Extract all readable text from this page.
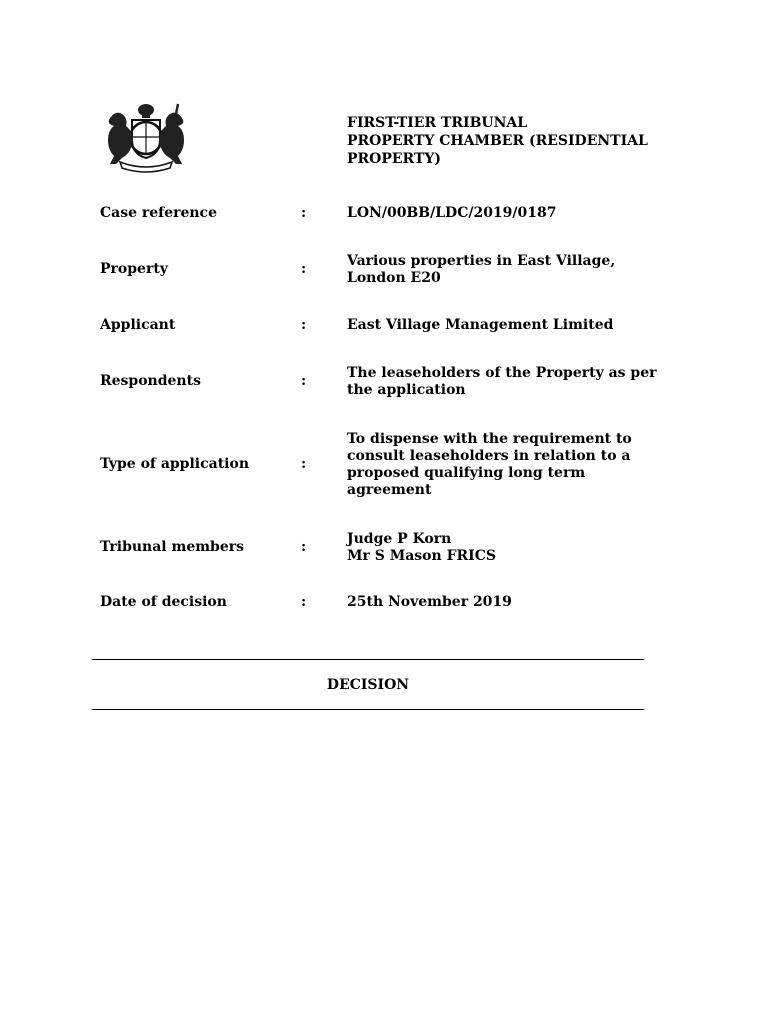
FIRST-TIER TRIBUNAL
PROPERTY CHAMBER (RESIDENTIAL
PROPERTY)
Case reference	:	LON/00BB/LDC/2019/0187
Property	:	Various properties in East Village,
London E20
Applicant	:	East Village Management Limited
Respondents	:	The leaseholders of the Property as per
the application
Type of application	:
To dispense with the requirement to
consult leaseholders in relation to a
proposed qualifying long term
agreement
Tribunal members	:	Judge P Korn
Mr S Mason FRICS
Date of decision	:	25th November 2019
DECISION
